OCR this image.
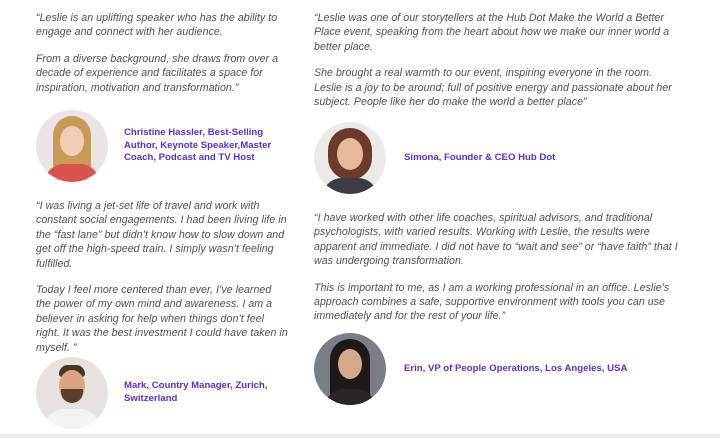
“Leslie is an uplifting speaker who has the ability to engage and connect with her audience.

From a diverse background, she draws from over a decade of experience and facilitates a space for inspiration, motivation and transformation.”

Christine Hassler, Best-Selling
Author, Keynote Speaker,Master
Coach, Podcast and TV Host

“I was living a jet-set life of travel and work with constant social engagements. I had been living life in the “fast lane” but didn’t know how to slow down and get off the high-speed train. I simply wasn’t feeling fulfilled.

Today I feel more centered than ever, I’ve learned the power of my own mind and awareness. I am a believer in asking for help when things don’t feel right. It was the best investment I could have taken in myself. ”

Mark, Country Manager, Zurich,
Switzerland

“Leslie was one of our storytellers at the Hub Dot Make the World a Better Place event, speaking from the heart about how we make our inner world a better place.

She brought a real warmth to our event, inspiring everyone in the room. Leslie is a joy to be around; full of positive energy and passionate about her subject. People like her do make the world a better place”

Simona, Founder & CEO Hub Dot

“I have worked with other life coaches, spiritual advisors, and traditional psychologists, with varied results. Working with Leslie, the results were apparent and immediate. I did not have to “wait and see” or “have faith” that I was undergoing transformation.

This is important to me, as I am a working professional in an office. Leslie’s approach combines a safe, supportive environment with tools you can use immediately and for the rest of your life.”

Erin, VP of People Operations, Los Angeles, USA
